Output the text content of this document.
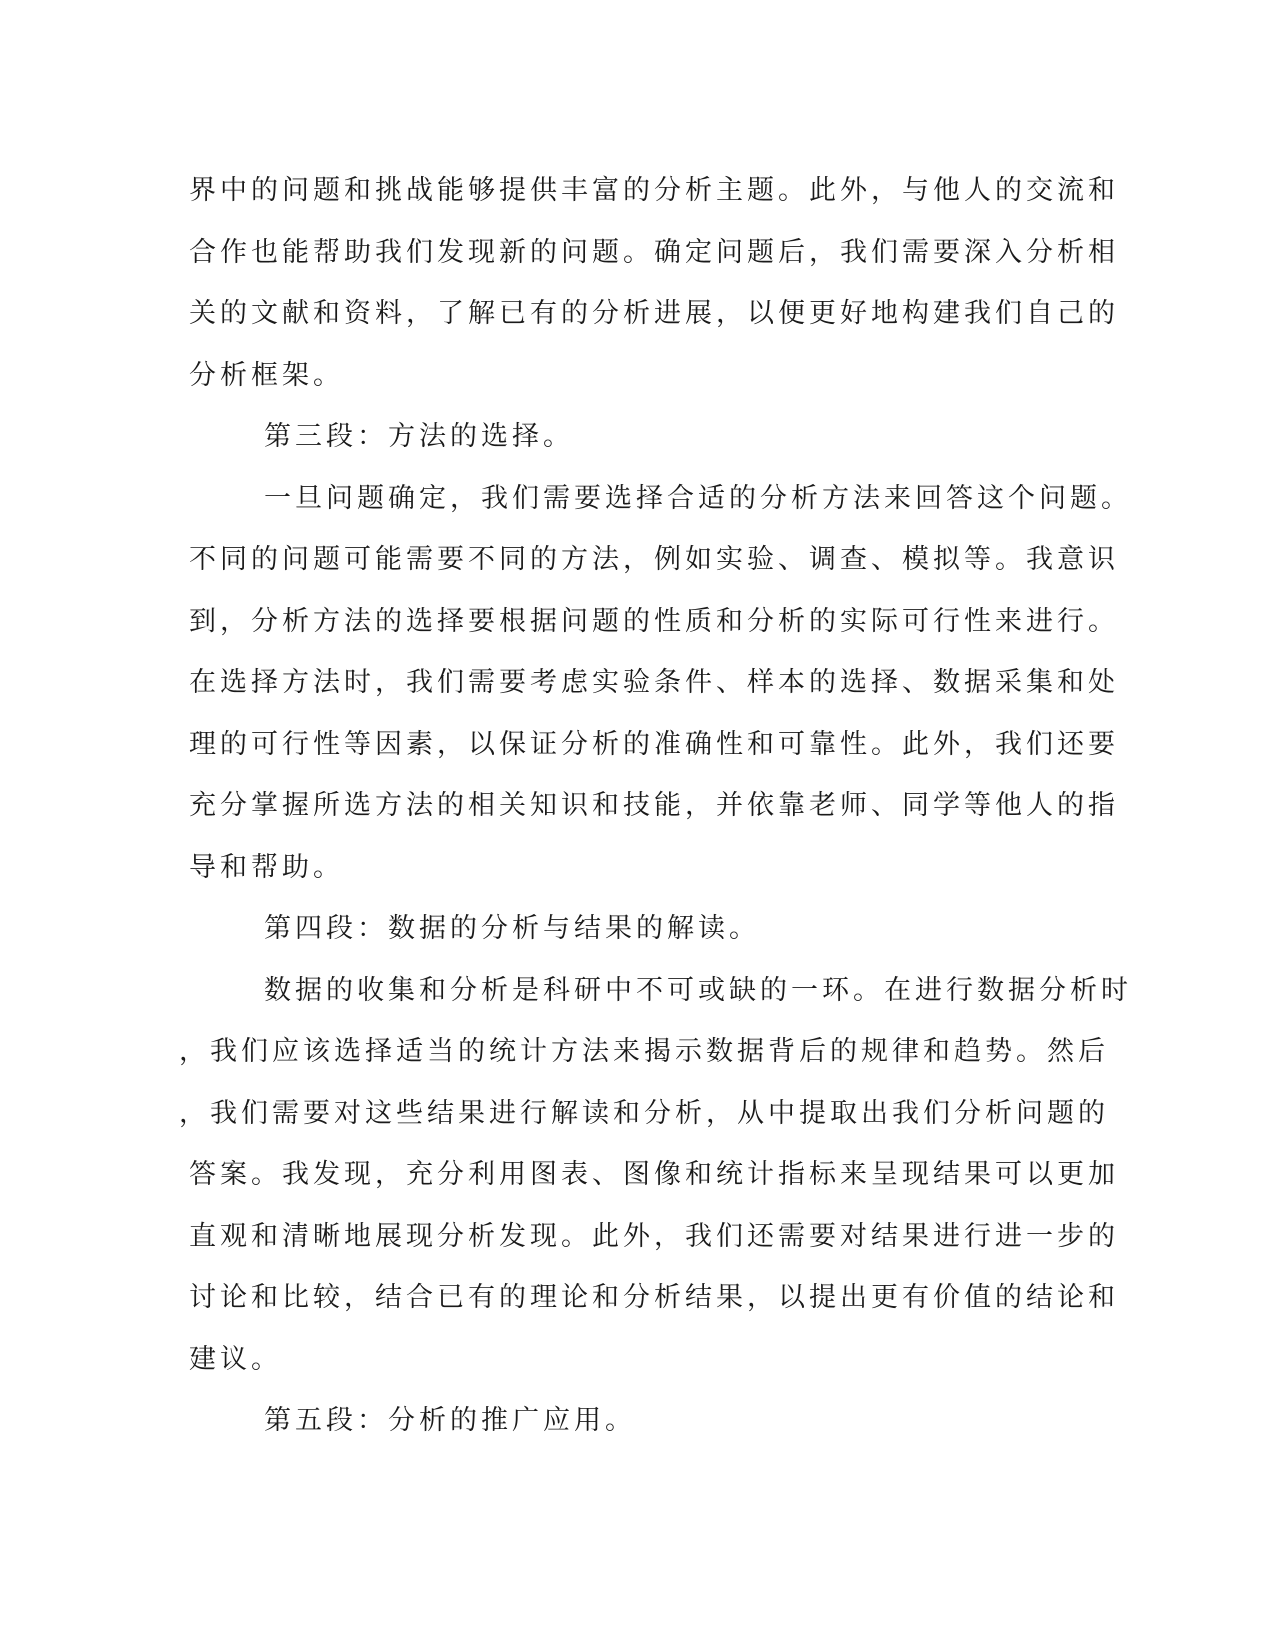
界中的问题和挑战能够提供丰富的分析主题。此外，与他人的交流和
合作也能帮助我们发现新的问题。确定问题后，我们需要深入分析相
关的文献和资料，了解已有的分析进展，以便更好地构建我们自己的
分析框架。
第三段：方法的选择。
一旦问题确定，我们需要选择合适的分析方法来回答这个问题。
不同的问题可能需要不同的方法，例如实验、调查、模拟等。我意识
到，分析方法的选择要根据问题的性质和分析的实际可行性来进行。
在选择方法时，我们需要考虑实验条件、样本的选择、数据采集和处
理的可行性等因素，以保证分析的准确性和可靠性。此外，我们还要
充分掌握所选方法的相关知识和技能，并依靠老师、同学等他人的指
导和帮助。
第四段：数据的分析与结果的解读。
数据的收集和分析是科研中不可或缺的一环。在进行数据分析时
，我们应该选择适当的统计方法来揭示数据背后的规律和趋势。然后
，我们需要对这些结果进行解读和分析，从中提取出我们分析问题的
答案。我发现，充分利用图表、图像和统计指标来呈现结果可以更加
直观和清晰地展现分析发现。此外，我们还需要对结果进行进一步的
讨论和比较，结合已有的理论和分析结果，以提出更有价值的结论和
建议。
第五段：分析的推广应用。
